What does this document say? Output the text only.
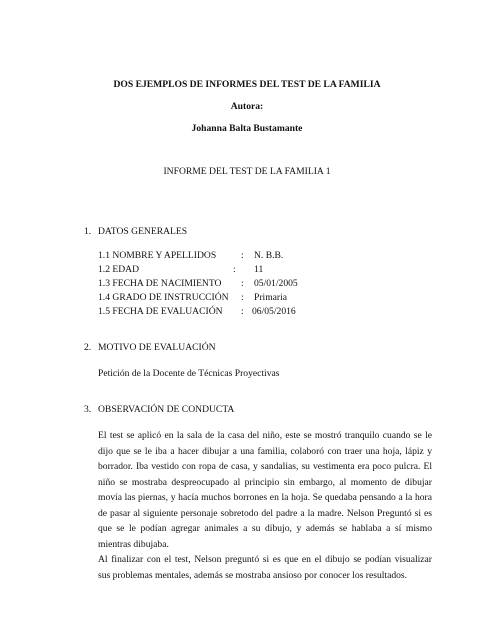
DOS EJEMPLOS DE INFORMES DEL TEST DE LA FAMILIA
Autora:
Johanna Balta Bustamante
INFORME DEL TEST DE LA FAMILIA 1
1. DATOS GENERALES
1.1 NOMBRE Y APELLIDOS	: N. B.B.
1.2 EDAD	: 11
1.3 FECHA DE NACIMIENTO : 05/01/2005
1.4 GRADO DE INSTRUCCIÓN : Primaria
1.5 FECHA DE EVALUACIÓN : 06/05/2016
2. MOTIVO DE EVALUACIÓN
Petición de la Docente de Técnicas Proyectivas
3. OBSERVACIÓN DE CONDUCTA
El test se aplicó en la sala de la casa del niño, este se mostró tranquilo cuando se le
dijo que se le iba a hacer dibujar a una familia, colaboró con traer una hoja, lápiz y
borrador. Iba vestido con ropa de casa, y sandalias, su vestimenta era poco pulcra. El
niño se mostraba despreocupado al principio sin embargo, al momento de dibujar
movía las piernas, y hacía muchos borrones en la hoja. Se quedaba pensando a la hora
de pasar al siguiente personaje sobretodo del padre a la madre. Nelson Preguntó si es
que se le podían agregar animales a su dibujo, y además se hablaba a sí mismo
mientras dibujaba.
Al finalizar con el test, Nelson preguntó si es que en el dibujo se podían visualizar
sus problemas mentales, además se mostraba ansioso por conocer los resultados.
